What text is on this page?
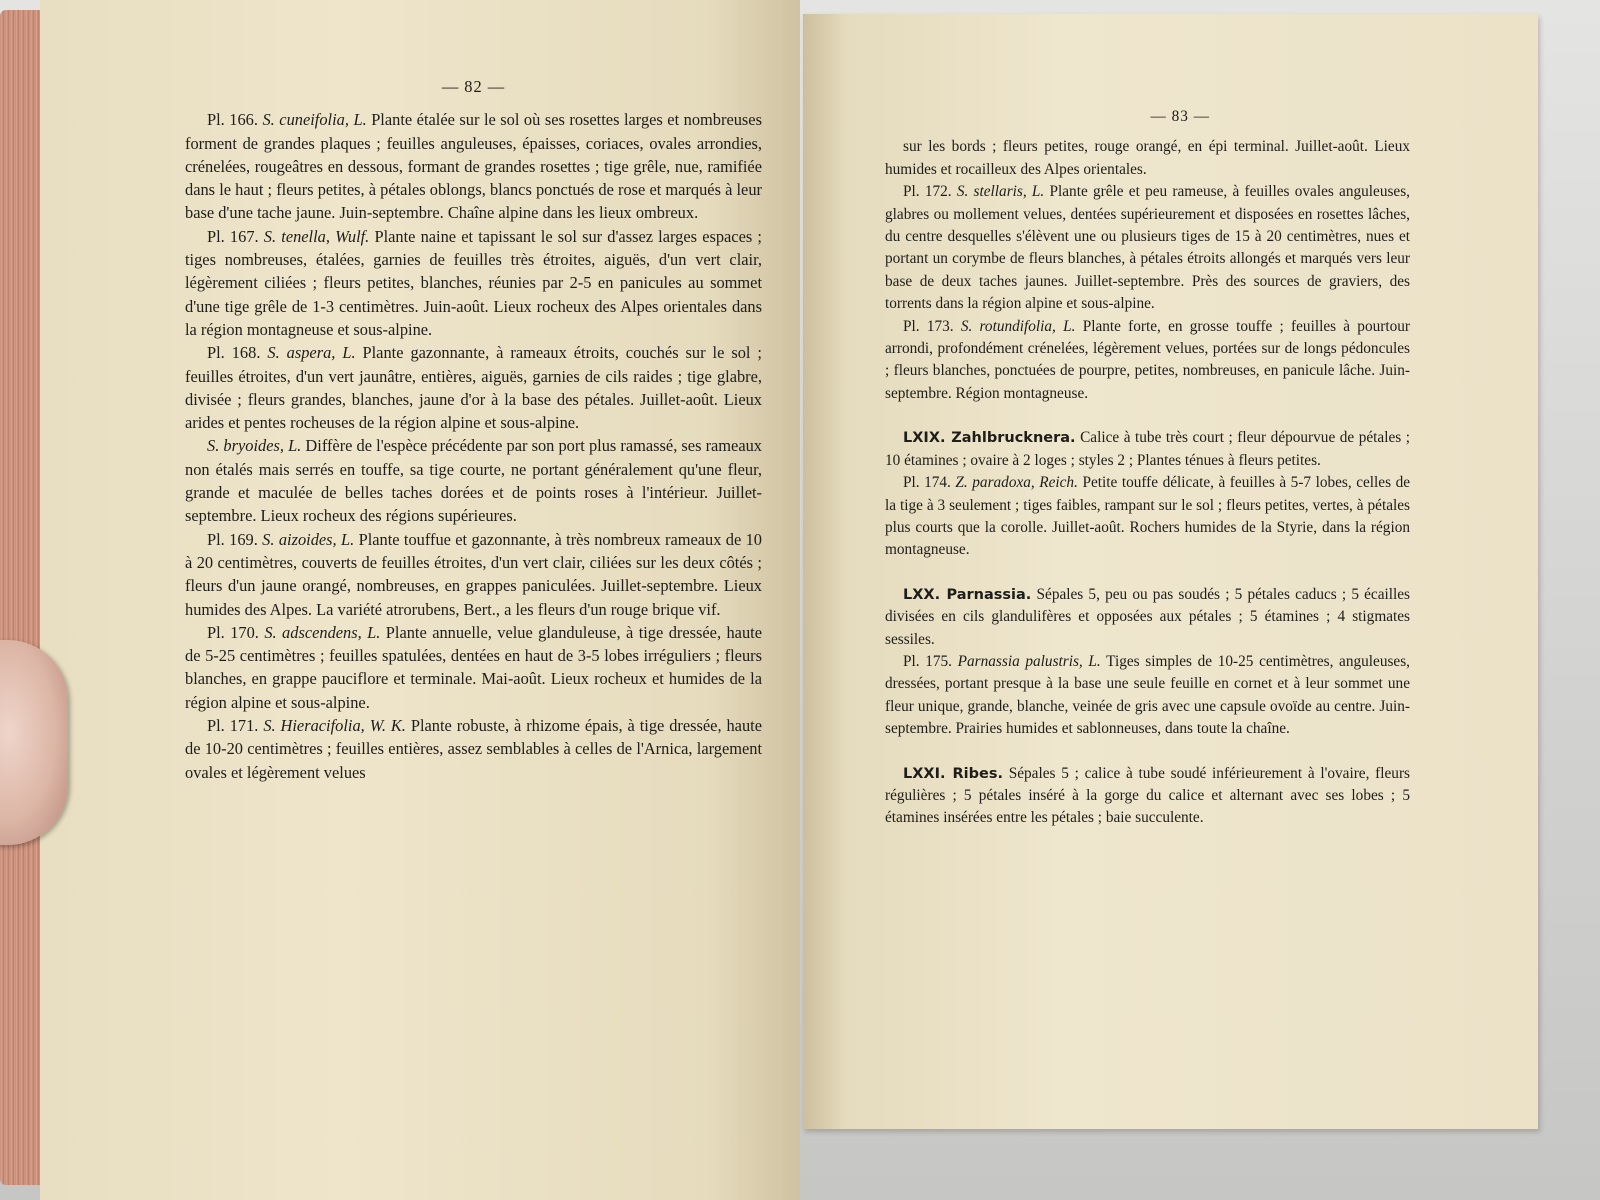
— 82 —

Pl. 166. S. cuneifolia, L. Plante étalée sur le sol où ses rosettes larges et nombreuses forment de grandes plaques ; feuilles anguleuses, épaisses, coriaces, ovales arrondies, crénelées, rougeâtres en dessous, formant de grandes rosettes ; tige grêle, nue, ramifiée dans le haut ; fleurs petites, à pétales oblongs, blancs ponctués de rose et marqués à leur base d'une tache jaune. Juin-septembre. Chaîne alpine dans les lieux ombreux.

Pl. 167. S. tenella, Wulf. Plante naine et tapissant le sol sur d'assez larges espaces ; tiges nombreuses, étalées, garnies de feuilles très étroites, aiguës, d'un vert clair, légèrement ciliées ; fleurs petites, blanches, réunies par 2-5 en panicules au sommet d'une tige grêle de 1-3 centimètres. Juin-août. Lieux rocheux des Alpes orientales dans la région montagneuse et sous-alpine.

Pl. 168. S. aspera, L. Plante gazonnante, à rameaux étroits, couchés sur le sol ; feuilles étroites, d'un vert jaunâtre, entières, aiguës, garnies de cils raides ; tige glabre, divisée ; fleurs grandes, blanches, jaune d'or à la base des pétales. Juillet-août. Lieux arides et pentes rocheuses de la région alpine et sous-alpine.

S. bryoides, L. Diffère de l'espèce précédente par son port plus ramassé, ses rameaux non étalés mais serrés en touffe, sa tige courte, ne portant généralement qu'une fleur, grande et maculée de belles taches dorées et de points roses à l'intérieur. Juillet-septembre. Lieux rocheux des régions supérieures.

Pl. 169. S. aizoides, L. Plante touffue et gazonnante, à très nombreux rameaux de 10 à 20 centimètres, couverts de feuilles étroites, d'un vert clair, ciliées sur les deux côtés ; fleurs d'un jaune orangé, nombreuses, en grappes paniculées. Juillet-septembre. Lieux humides des Alpes. La variété atrorubens, Bert., a les fleurs d'un rouge brique vif.

Pl. 170. S. adscendens, L. Plante annuelle, velue glanduleuse, à tige dressée, haute de 5-25 centimètres ; feuilles spatulées, dentées en haut de 3-5 lobes irréguliers ; fleurs blanches, en grappe pauciflore et terminale. Mai-août. Lieux rocheux et humides de la région alpine et sous-alpine.

Pl. 171. S. Hieracifolia, W. K. Plante robuste, à rhizome épais, à tige dressée, haute de 10-20 centimètres ; feuilles entières, assez semblables à celles de l'Arnica, largement ovales et légèrement velues

— 83 —

sur les bords ; fleurs petites, rouge orangé, en épi terminal. Juillet-août. Lieux humides et rocailleux des Alpes orientales.

Pl. 172. S. stellaris, L. Plante grêle et peu rameuse, à feuilles ovales anguleuses, glabres ou mollement velues, dentées supérieurement et disposées en rosettes lâches, du centre desquelles s'élèvent une ou plusieurs tiges de 15 à 20 centimètres, nues et portant un corymbe de fleurs blanches, à pétales étroits allongés et marqués vers leur base de deux taches jaunes. Juillet-septembre. Près des sources de graviers, des torrents dans la région alpine et sous-alpine.

Pl. 173. S. rotundifolia, L. Plante forte, en grosse touffe ; feuilles à pourtour arrondi, profondément crénelées, légèrement velues, portées sur de longs pédoncules ; fleurs blanches, ponctuées de pourpre, petites, nombreuses, en panicule lâche. Juin-septembre. Région montagneuse.

LXIX. Zahlbrucknera. Calice à tube très court ; fleur dépourvue de pétales ; 10 étamines ; ovaire à 2 loges ; styles 2 ; Plantes ténues à fleurs petites.

Pl. 174. Z. paradoxa, Reich. Petite touffe délicate, à feuilles à 5-7 lobes, celles de la tige à 3 seulement ; tiges faibles, rampant sur le sol ; fleurs petites, vertes, à pétales plus courts que la corolle. Juillet-août. Rochers humides de la Styrie, dans la région montagneuse.

LXX. Parnassia. Sépales 5, peu ou pas soudés ; 5 pétales caducs ; 5 écailles divisées en cils glandulifères et opposées aux pétales ; 5 étamines ; 4 stigmates sessiles.

Pl. 175. Parnassia palustris, L. Tiges simples de 10-25 centimètres, anguleuses, dressées, portant presque à la base une seule feuille en cornet et à leur sommet une fleur unique, grande, blanche, veinée de gris avec une capsule ovoïde au centre. Juin-septembre. Prairies humides et sablonneuses, dans toute la chaîne.

LXXI. Ribes. Sépales 5 ; calice à tube soudé inférieurement à l'ovaire, fleurs régulières ; 5 pétales inséré à la gorge du calice et alternant avec ses lobes ; 5 étamines insérées entre les pétales ; baie succulente.
